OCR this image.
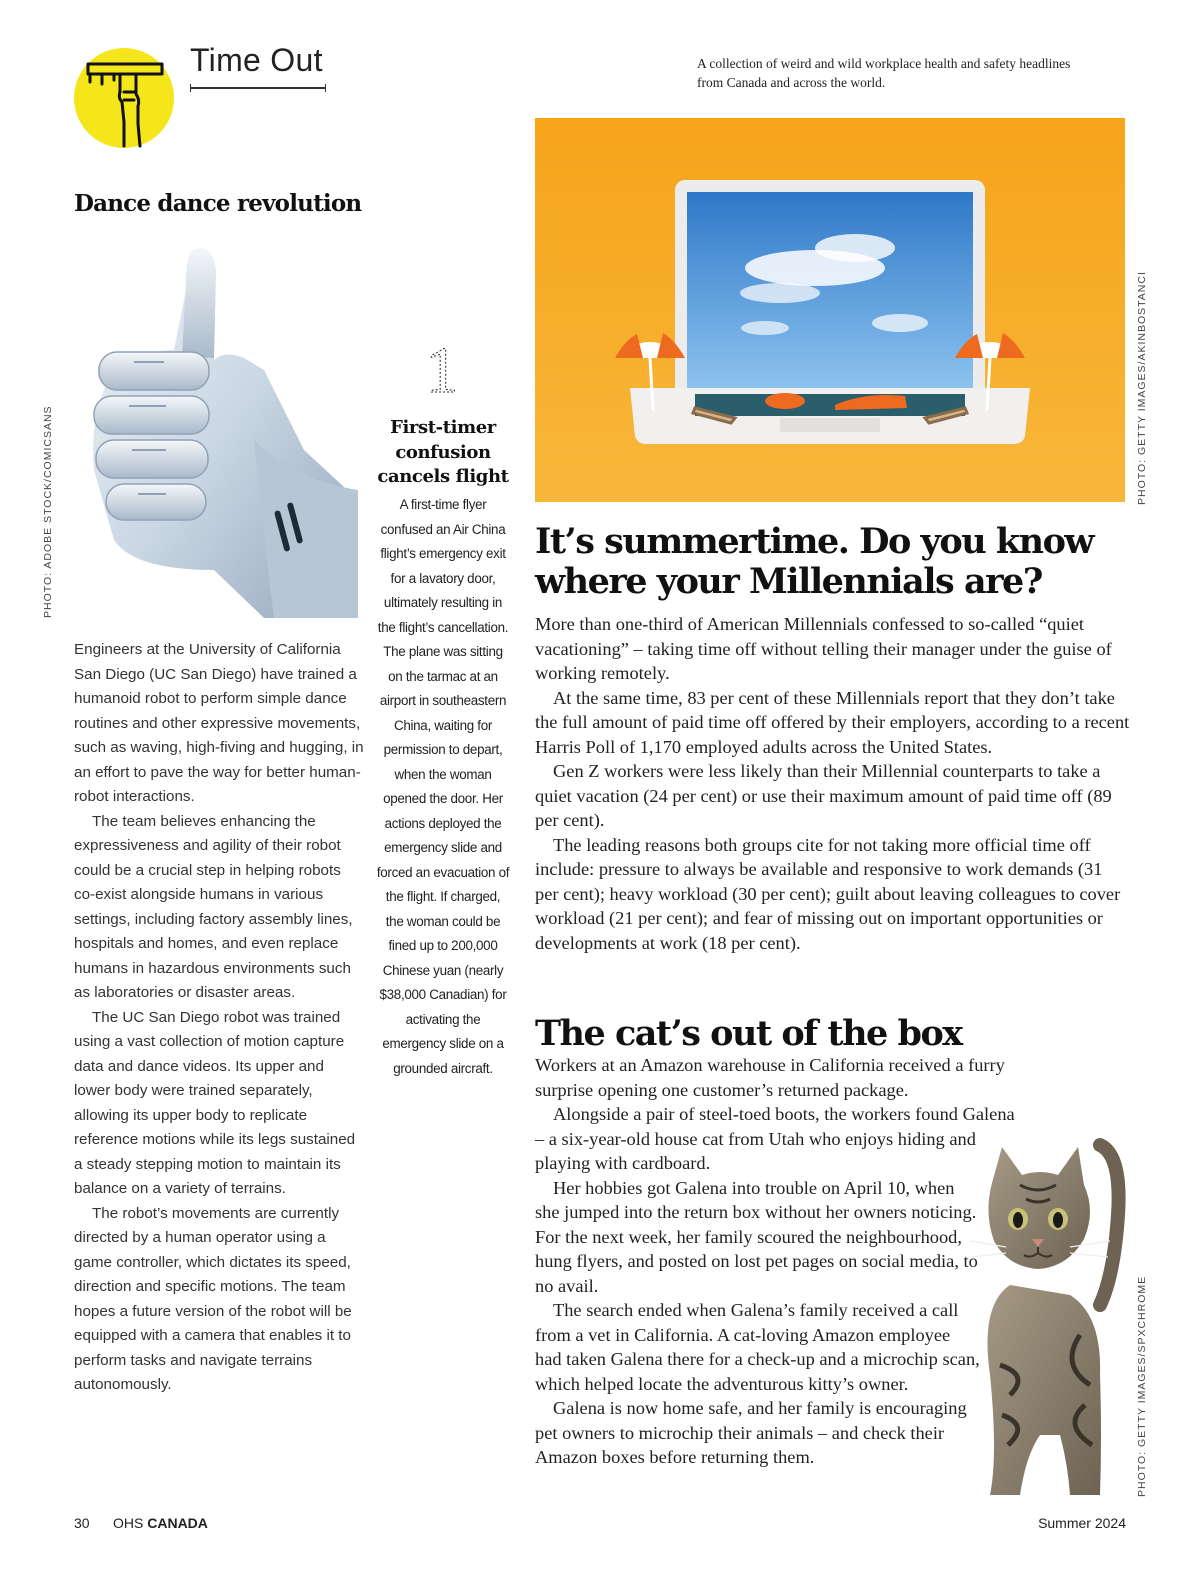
Time Out	A collection of weird and wild workplace health and safety headlines from Canada and across the world.
Dance dance revolution
PHOTO: ADOBE STOCK/COMICSANS

Engineers at the University of California San Diego (UC San Diego) have trained a humanoid robot to perform simple dance routines and other expressive movements, such as waving, high-fiving and hugging, in an effort to pave the way for better human-robot interactions.

The team believes enhancing the expressiveness and agility of their robot could be a crucial step in helping robots co-exist alongside humans in various settings, including factory assembly lines, hospitals and homes, and even replace humans in hazardous environments such as laboratories or disaster areas.

The UC San Diego robot was trained using a vast collection of motion capture data and dance videos. Its upper and lower body were trained separately, allowing its upper body to replicate reference motions while its legs sustained a steady stepping motion to maintain its balance on a variety of terrains.

The robot’s movements are currently directed by a human operator using a game controller, which dictates its speed, direction and specific motions. The team hopes a future version of the robot will be equipped with a camera that enables it to perform tasks and navigate terrains autonomously.

1
First-timer confusion cancels flight
A first-time flyer confused an Air China flight’s emergency exit for a lavatory door, ultimately resulting in the flight’s cancellation. The plane was sitting on the tarmac at an airport in southeastern China, waiting for permission to depart, when the woman opened the door. Her actions deployed the emergency slide and forced an evacuation of the flight. If charged, the woman could be fined up to 200,000 Chinese yuan (nearly $38,000 Canadian) for activating the emergency slide on a grounded aircraft.
PHOTO: GETTY IMAGES/AKINBOSTANCI
It’s summertime. Do you know where your Millennials are?

More than one-third of American Millennials confessed to so-called “quiet vacationing” – taking time off without telling their manager under the guise of working remotely.

At the same time, 83 per cent of these Millennials report that they don’t take the full amount of paid time off offered by their employers, according to a recent Harris Poll of 1,170 employed adults across the United States.

Gen Z workers were less likely than their Millennial counterparts to take a quiet vacation (24 per cent) or use their maximum amount of paid time off (89 per cent).

The leading reasons both groups cite for not taking more official time off include: pressure to always be available and responsive to work demands (31 per cent); heavy workload (30 per cent); guilt about leaving colleagues to cover workload (21 per cent); and fear of missing out on important opportunities or developments at work (18 per cent).

The cat’s out of the box

Workers at an Amazon warehouse in California received a furry surprise opening one customer’s returned package.

Alongside a pair of steel-toed boots, the workers found Galena – a six-year-old house cat from Utah who enjoys hiding and playing with cardboard.

Her hobbies got Galena into trouble on April 10, when she jumped into the return box without her owners noticing. For the next week, her family scoured the neighbourhood, hung flyers, and posted on lost pet pages on social media, to no avail.

The search ended when Galena’s family received a call from a vet in California. A cat-loving Amazon employee had taken Galena there for a check-up and a microchip scan, which helped locate the adventurous kitty’s owner.

Galena is now home safe, and her family is encouraging pet owners to microchip their animals – and check their Amazon boxes before returning them.	PHOTO: GETTY IMAGES/SPXCHROME
30 OHS CANADA	Summer 2024
